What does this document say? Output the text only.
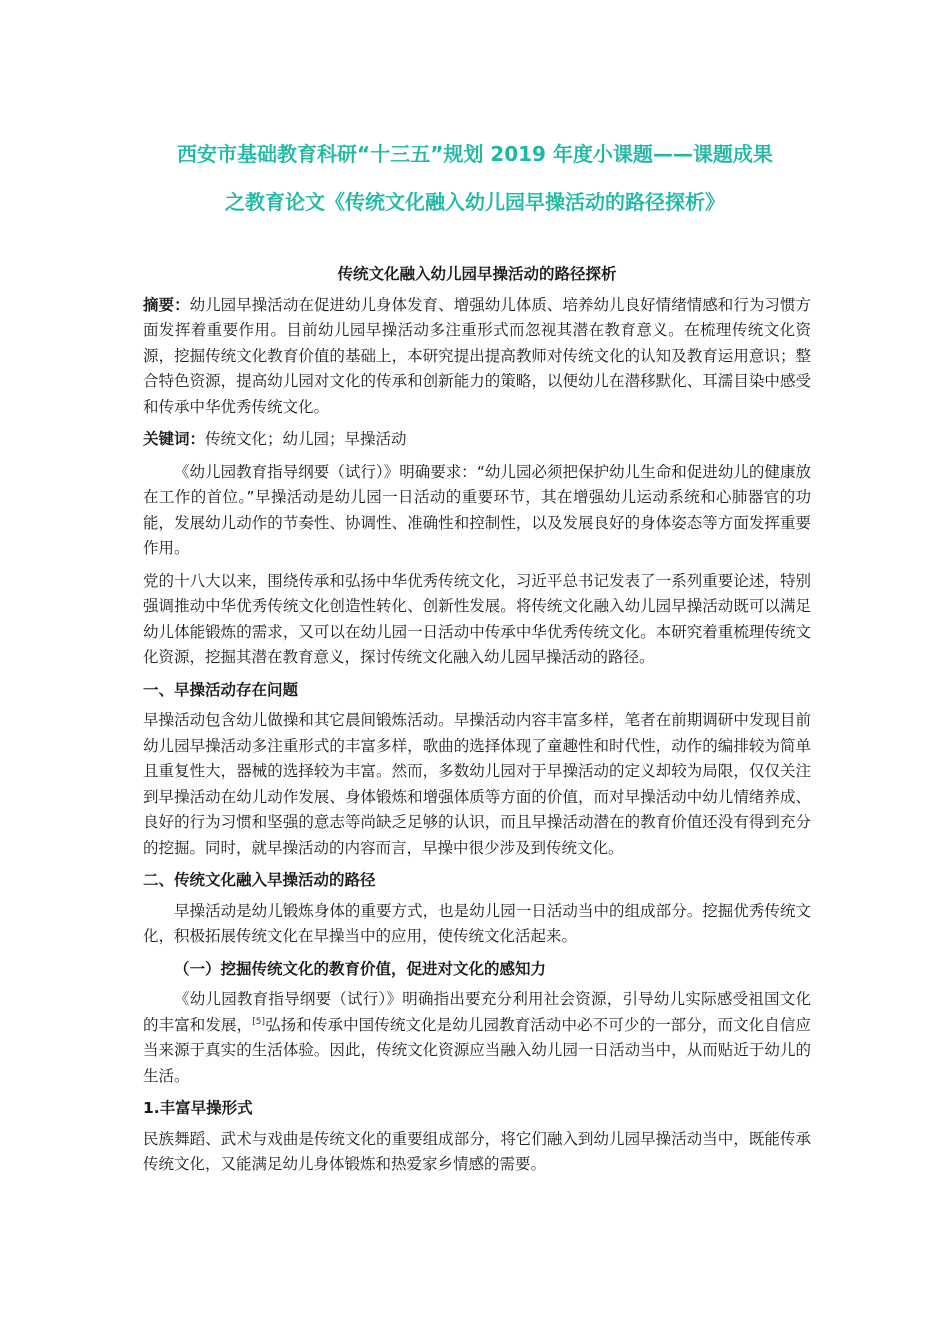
西安市基础教育科研“十三五”规划 2019 年度小课题——课题成果
之教育论文《传统文化融入幼儿园早操活动的路径探析》
传统文化融入幼儿园早操活动的路径探析

摘要：幼儿园早操活动在促进幼儿身体发育、增强幼儿体质、培养幼儿良好情绪情感和行为习惯方面发挥着重要作用。目前幼儿园早操活动多注重形式而忽视其潜在教育意义。在梳理传统文化资源，挖掘传统文化教育价值的基础上，本研究提出提高教师对传统文化的认知及教育运用意识；整合特色资源，提高幼儿园对文化的传承和创新能力的策略，以便幼儿在潜移默化、耳濡目染中感受和传承中华优秀传统文化。

关键词：传统文化；幼儿园；早操活动

《幼儿园教育指导纲要（试行）》明确要求：“幼儿园必须把保护幼儿生命和促进幼儿的健康放在工作的首位。”早操活动是幼儿园一日活动的重要环节，其在增强幼儿运动系统和心肺器官的功能，发展幼儿动作的节奏性、协调性、准确性和控制性，以及发展良好的身体姿态等方面发挥重要作用。

党的十八大以来，围绕传承和弘扬中华优秀传统文化，习近平总书记发表了一系列重要论述，特别强调推动中华优秀传统文化创造性转化、创新性发展。将传统文化融入幼儿园早操活动既可以满足幼儿体能锻炼的需求，又可以在幼儿园一日活动中传承中华优秀传统文化。本研究着重梳理传统文化资源，挖掘其潜在教育意义，探讨传统文化融入幼儿园早操活动的路径。

一、早操活动存在问题

早操活动包含幼儿做操和其它晨间锻炼活动。早操活动内容丰富多样，笔者在前期调研中发现目前幼儿园早操活动多注重形式的丰富多样，歌曲的选择体现了童趣性和时代性，动作的编排较为简单且重复性大，器械的选择较为丰富。然而，多数幼儿园对于早操活动的定义却较为局限，仅仅关注到早操活动在幼儿动作发展、身体锻炼和增强体质等方面的价值，而对早操活动中幼儿情绪养成、良好的行为习惯和坚强的意志等尚缺乏足够的认识，而且早操活动潜在的教育价值还没有得到充分的挖掘。同时，就早操活动的内容而言，早操中很少涉及到传统文化。

二、传统文化融入早操活动的路径

早操活动是幼儿锻炼身体的重要方式，也是幼儿园一日活动当中的组成部分。挖掘优秀传统文化，积极拓展传统文化在早操当中的应用，使传统文化活起来。

（一）挖掘传统文化的教育价值，促进对文化的感知力

《幼儿园教育指导纲要（试行）》明确指出要充分利用社会资源，引导幼儿实际感受祖国文化的丰富和发展，[5]弘扬和传承中国传统文化是幼儿园教育活动中必不可少的一部分，而文化自信应当来源于真实的生活体验。因此，传统文化资源应当融入幼儿园一日活动当中，从而贴近于幼儿的生活。

1.丰富早操形式

民族舞蹈、武术与戏曲是传统文化的重要组成部分，将它们融入到幼儿园早操活动当中，既能传承传统文化，又能满足幼儿身体锻炼和热爱家乡情感的需要。
